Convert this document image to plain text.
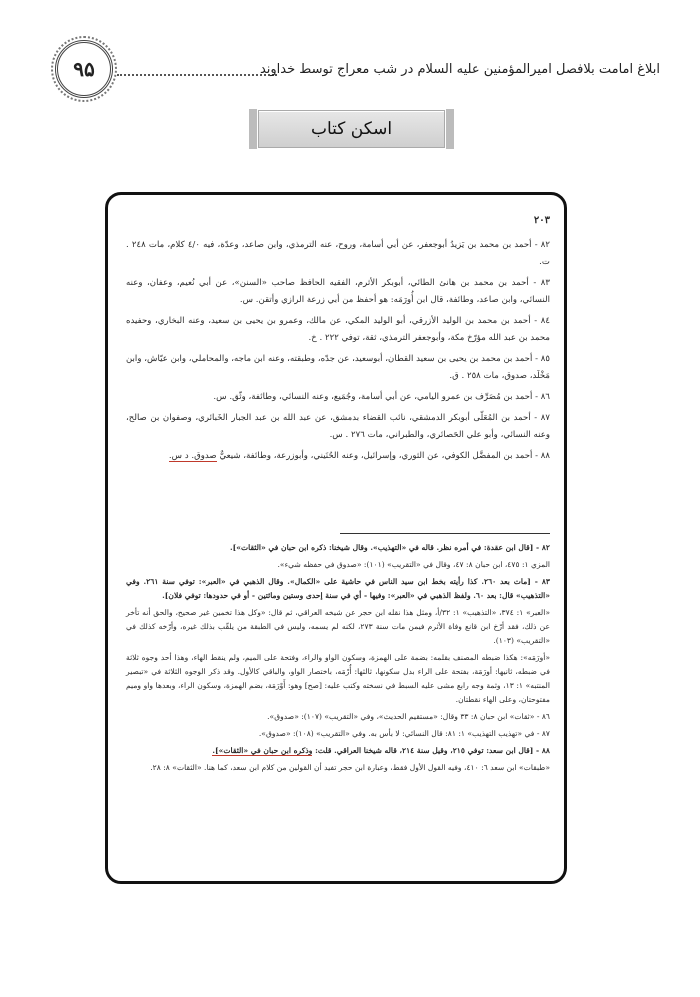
۹۵	ابلاغ امامت بلافصل امیرالمؤمنین علیه السلام در شب معراج توسط خداوند
اسکن کتاب
٢٠٣

٨٢ - أحمد بن محمد بن يَزيدُ أبوجعفر، عن أبي أسامة، وروح، عنه الترمذي، وابن صاعد، وعدّة، فيه ٤/٠ كلام، مات ٢٤٨ . ت.

٨٣ - أحمد بن محمد بن هانئ الطائي، أبوبكر الأثرم، الفقيه الحافظ صاحب «السنن»، عن أبي نُعيم، وعفان، وعنه النسائي، وابن صاعد، وطائفة، قال ابن أُورَمَه: هو أحفظ من أبي زرعة الرازي وأتقن. س.

٨٤ - أحمد بن محمد بن الوليد الأزرقي، أبو الوليد المكي، عن مالك، وعمرو بن يحيى بن سعيد، وعنه البخاري، وحفيده محمد بن عبد الله مؤرّخ مكة، وأبوجعفر الترمذي، ثقة، توفي ٢٢٢ . خ.

٨٥ - أحمد بن محمد بن يحيى بن سعيد القطان، أبوسعيد، عن جدّه، وطبقته، وعنه ابن ماجه، والمحاملي، وابن عيّاش، وابن مَخْلَد، صدوق، مات ٢٥٨ . ق.

٨٦ - أحمد بن مُصَرِّف بن عمرو اليامي، عن أبي أسامة، وجُمَيع، وعنه النسائي، وطائفة، وثّق. س.

٨٧ - أحمد بن المُعَلّى أبوبكر الدمشقي، نائب القضاء بدمشق، عن عبد الله بن عبد الجبار الخَبائري، وصفوان بن صالح، وعنه النسائي، وأبو علي الحَصائري، والطبراني، مات ٢٧٦ . س.

٨٨ - أحمد بن المفضَّل الكوفي، عن الثوري، وإسرائيل، وعنه الحُنَيني، وأبوزرعة، وطائفة، شيعيٌّ صدوق. د س.

٨٢ - [قال ابن عقدة: في أمره نظر. قاله في «التهذيب». وقال شيخنا: ذكره ابن حبان في «الثقات»].

المزي ١: ٤٧٥، ابن حبان ٨: ٤٧، وقال في «التقريب» (١٠١): «صدوق في حفظه شيء».

٨٣ - [مات بعد ٢٦٠. كذا رأيته بخط ابن سيد الناس في حاشية على «الكمال». وقال الذهبي في «العبر»: توفي سنة ٢٦١. وفي «التذهيب» قال: بعد ٦٠. ولفظ الذهبي في «العبر»: وفيها - أي في سنة إحدى وستين ومائتين - أو في حدودها: توفي فلان].

«العبر» ١: ٣٧٤، «التذهيب» ١: ٣٢/أ، ومثل هذا نقله ابن حجر عن شيخه العراقي، ثم قال: «وكل هذا تخمين غير صحيح، والحق أنه تأخر عن ذلك، فقد أرّخ ابن قانع وفاة الأثرم فيمن مات سنة ٢٧٣، لكنه لم يسمه، وليس في الطبقة من يلقّب بذلك غيره، وأرّخه كذلك في «التقريب» (١٠٣).

«أورَمَه»: هكذا ضبطه المصنف بقلمه: بضمة على الهمزة، وسكون الواو والراء، وفتحة على الميم، ولم ينقط الهاء، وهذا أحد وجوه ثلاثة في ضبطه، ثانيها: أورَمَة، بفتحة على الراء بدل سكونها، ثالثها: أُرْمَه، باختصار الواو، والباقي كالأول. وقد ذكر الوجوه الثلاثة في «تبصير المنتبه» ١: ١٣، وثمة وجه رابع مشى عليه السبط في نسخته وكتب عليه: [صح] وهو: أَوْرَمَة، بضم الهمزة، وسكون الراء، وبعدها واو وميم مفتوحتان، وعلى الهاء نقطتان.

٨٦ - «ثقات» ابن حبان ٨: ٣٣ وقال: «مستقيم الحديث»، وفي «التقريب» (١٠٧): «صدوق».

٨٧ - في «تهذيب التهذيب» ١: ٨١: قال النسائي: لا بأس به. وفي «التقريب» (١٠٨): «صدوق».

٨٨ - [قال ابن سعد: توفي ٢١٥، وقيل سنة ٢١٤، قاله شيخنا العراقي. قلت: وذكره ابن حبان في «الثقات»].

«طبقات» ابن سعد ٦: ٤١٠، وفيه القول الأول فقط، وعبارة ابن حجر تفيد أن القولين من كلام ابن سعد، كما هنا. «الثقات» ٨: ٢٨.
